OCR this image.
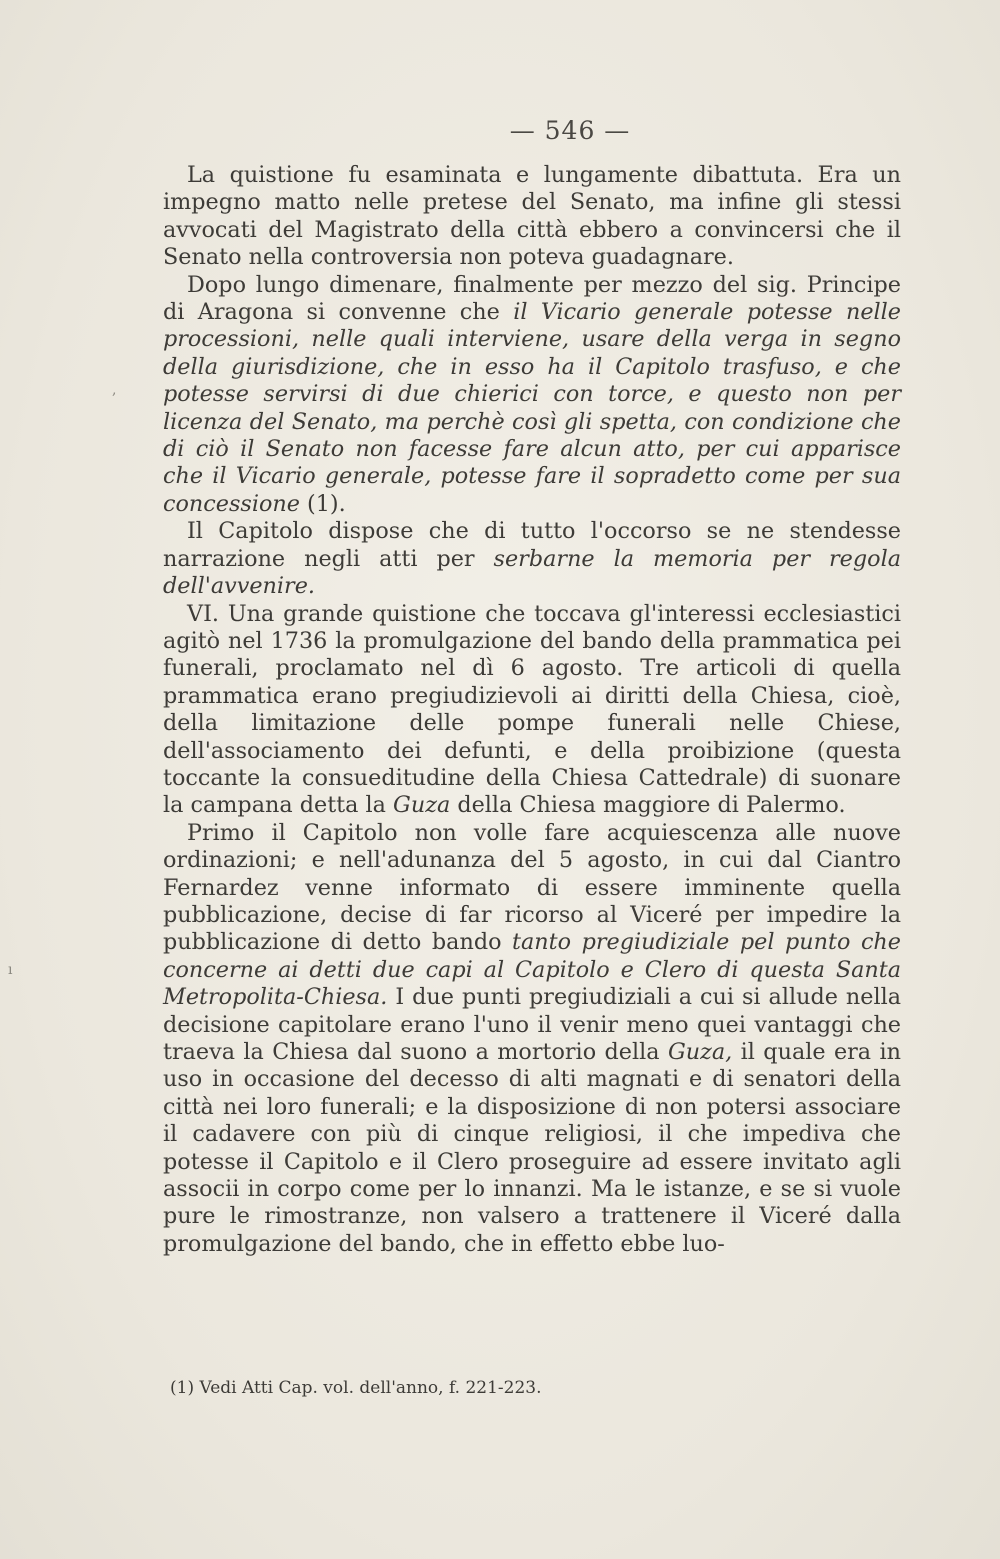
— 546 —

La quistione fu esaminata e lungamente dibattuta. Era un impegno matto nelle pretese del Senato, ma infine gli stessi avvocati del Magistrato della città ebbero a convincersi che il Senato nella controversia non poteva guadagnare.

Dopo lungo dimenare, finalmente per mezzo del sig. Principe di Aragona si convenne che il Vicario generale potesse nelle processioni, nelle quali interviene, usare della verga in segno della giurisdizione, che in esso ha il Capitolo trasfuso, e che potesse servirsi di due chierici con torce, e questo non per licenza del Senato, ma perchè così gli spetta, con condizione che di ciò il Senato non facesse fare alcun atto, per cui apparisce che il Vicario generale, potesse fare il sopradetto come per sua concessione (1).

Il Capitolo dispose che di tutto l'occorso se ne stendesse narrazione negli atti per serbarne la memoria per regola dell'avvenire.

VI. Una grande quistione che toccava gl'interessi ecclesiastici agitò nel 1736 la promulgazione del bando della prammatica pei funerali, proclamato nel dì 6 agosto. Tre articoli di quella prammatica erano pregiudizievoli ai diritti della Chiesa, cioè, della limitazione delle pompe funerali nelle Chiese, dell'associamento dei defunti, e della proibizione (questa toccante la consueditudine della Chiesa Cattedrale) di suonare la campana detta la Guza della Chiesa maggiore di Palermo.

Primo il Capitolo non volle fare acquiescenza alle nuove ordinazioni; e nell'adunanza del 5 agosto, in cui dal Ciantro Fernardez venne informato di essere imminente quella pubblicazione, decise di far ricorso al Viceré per impedire la pubblicazione di detto bando tanto pregiudiziale pel punto che concerne ai detti due capi al Capitolo e Clero di questa Santa Metropolita-Chiesa. I due punti pregiudiziali a cui si allude nella decisione capitolare erano l'uno il venir meno quei vantaggi che traeva la Chiesa dal suono a mortorio della Guza, il quale era in uso in occasione del decesso di alti magnati e di senatori della città nei loro funerali; e la disposizione di non potersi associare il cadavere con più di cinque religiosi, il che impediva che potesse il Capitolo e il Clero proseguire ad essere invitato agli associi in corpo come per lo innanzi. Ma le istanze, e se si vuole pure le rimostranze, non valsero a trattenere il Viceré dalla promulgazione del bando, che in effetto ebbe luo-

(1) Vedi Atti Cap. vol. dell'anno, f. 221-223.
,
ı
